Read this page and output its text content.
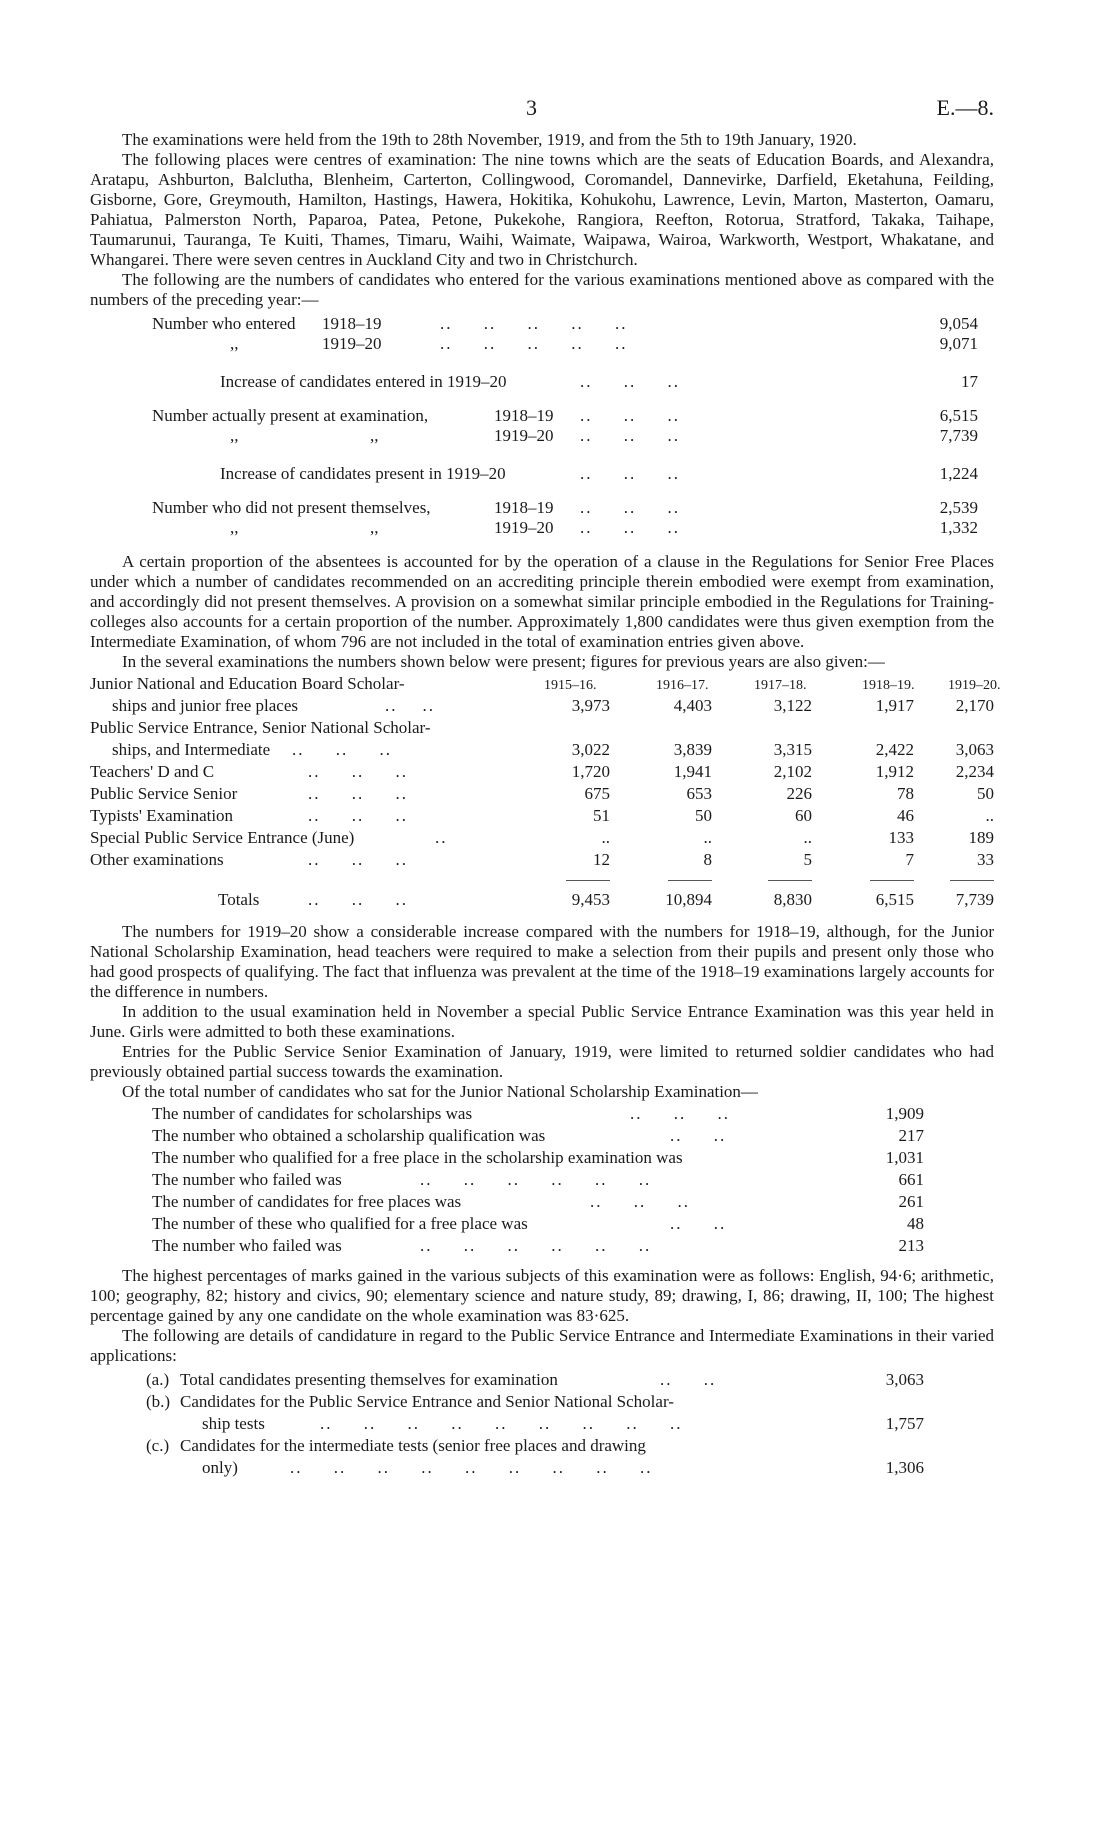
3	E.—8.

The examinations were held from the 19th to 28th November, 1919, and from the 5th to 19th January, 1920.

The following places were centres of examination: The nine towns which are the seats of Education Boards, and Alexandra, Aratapu, Ashburton, Balclutha, Blenheim, Carterton, Collingwood, Coromandel, Dannevirke, Darfield, Eketahuna, Feilding, Gisborne, Gore, Greymouth, Hamilton, Hastings, Hawera, Hokitika, Kohukohu, Lawrence, Levin, Marton, Masterton, Oamaru, Pahiatua, Palmerston North, Paparoa, Patea, Petone, Pukekohe, Rangiora, Reefton, Rotorua, Stratford, Takaka, Taihape, Taumarunui, Tauranga, Te Kuiti, Thames, Timaru, Waihi, Waimate, Waipawa, Wairoa, Warkworth, Westport, Whakatane, and Whangarei. There were seven centres in Auckland City and two in Christchurch.

The following are the numbers of candidates who entered for the various examinations mentioned above as compared with the numbers of the preceding year:—

Number who entered 1918–19	..     ..     ..     ..     ..	9,054
,,	1919–20	..     ..     ..     ..     ..	9,071
Increase of candidates entered in 1919–20	..     ..     ..	17
Number actually present at examination,	1918–19 ..     ..     ..	6,515
,,	,,	1919–20 ..     ..     ..	7,739
Increase of candidates present in 1919–20	..     ..     ..	1,224
Number who did not present themselves,	1918–19 ..     ..     ..	2,539
,,	,,	1919–20 ..     ..     ..	1,332

A certain proportion of the absentees is accounted for by the operation of a clause in the Regulations for Senior Free Places under which a number of candidates recommended on an accrediting principle therein embodied were exempt from examination, and accordingly did not present themselves. A provision on a somewhat similar principle embodied in the Regulations for Training-colleges also accounts for a certain proportion of the number. Approximately 1,800 candidates were thus given exemption from the Intermediate Examination, of whom 796 are not included in the total of examination entries given above.

In the several examinations the numbers shown below were present; figures for previous years are also given:—

Junior National and Education Board Scholar-	1915–16.	1916–17.	1917–18.	1918–19. 1919–20.
ships and junior free places	..    ..	3,973	4,403	3,122	1,917 2,170
Public Service Entrance, Senior National Scholar-
ships, and Intermediate ..     ..     ..	3,022	3,839	3,315	2,422 3,063
Teachers' D and C	..     ..     ..	1,720	1,941	2,102	1,912 2,234
Public Service Senior	..     ..     ..	675	653	226	78	50
Typists' Examination	..     ..     ..	51	50	60	46	..
Special Public Service Entrance (June)	..	..	..	..	133	189
Other examinations	..     ..     ..	12	8	5	7	33
Totals	..     ..     ..	9,453	10,894	8,830	6,515 7,739

The numbers for 1919–20 show a considerable increase compared with the numbers for 1918–19, although, for the Junior National Scholarship Examination, head teachers were required to make a selection from their pupils and present only those who had good prospects of qualifying. The fact that influenza was prevalent at the time of the 1918–19 examinations largely accounts for the difference in numbers.

In addition to the usual examination held in November a special Public Service Entrance Examination was this year held in June. Girls were admitted to both these examinations.

Entries for the Public Service Senior Examination of January, 1919, were limited to returned soldier candidates who had previously obtained partial success towards the examination.

Of the total number of candidates who sat for the Junior National Scholarship Examination—

The number of candidates for scholarships was	..     ..     ..	1,909
The number who obtained a scholarship qualification was	..     ..	217
The number who qualified for a free place in the scholarship examination was	1,031
The number who failed was	..     ..     ..     ..     ..     ..	661
The number of candidates for free places was	..     ..     ..	261
The number of these who qualified for a free place was	..     ..	48
The number who failed was	..     ..     ..     ..     ..     ..	213

The highest percentages of marks gained in the various subjects of this examination were as follows: English, 94·6; arithmetic, 100; geography, 82; history and civics, 90; elementary science and nature study, 89; drawing, I, 86; drawing, II, 100; The highest percentage gained by any one candidate on the whole examination was 83·625.

The following are details of candidature in regard to the Public Service Entrance and Intermediate Examinations in their varied applications:

(a.) Total candidates presenting themselves for examination	..     ..	3,063
(b.) Candidates for the Public Service Entrance and Senior National Scholar-
ship tests	..     ..     ..     ..     ..     ..     ..     ..     ..	1,757
(c.) Candidates for the intermediate tests (senior free places and drawing
only)	..     ..     ..     ..     ..     ..     ..     ..     ..	1,306
